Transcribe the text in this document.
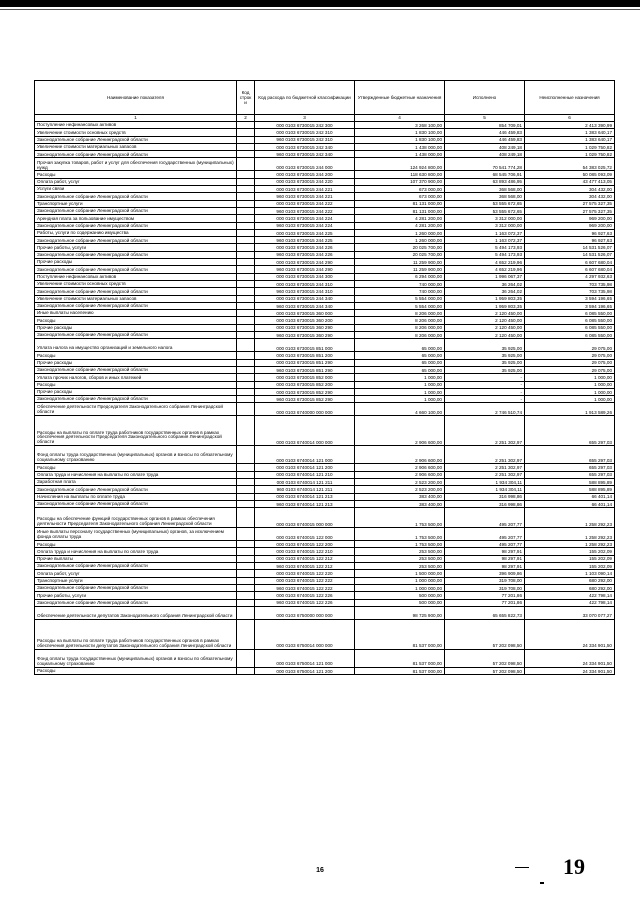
Наименование показателя	Код строк и	Код расхода по бюджетной классификации	Утвержденные бюджетные назначения	Исполнено	Неисполненные назначения
1	2	3	4	5	6
Поступление нефинансовых активов		000 0103 6730015 242 300	3 268 100,00	854 709,01	2 413 390,99
Увеличение стоимости основных средств		000 0103 6730015 242 310	1 830 100,00	446 459,83	1 383 640,17
Законодательное собрание Ленинградской области		960 0103 6730015 242 310	1 830 100,00	446 459,83	1 383 640,17
Увеличение стоимости материальных запасов		000 0103 6730015 242 340	1 438 000,00	408 249,18	1 029 750,82
Законодательное собрание Ленинградской области		960 0103 6730015 242 340	1 438 000,00	408 249,18	1 029 750,82
Прочая закупка товаров, работ и услуг для обеспечения государственных (муниципальных) нужд		000 0103 6730015 244 000	124 924 800,00	70 541 774,28	54 383 025,72
Расходы		000 0103 6730015 244 200	118 630 800,00	68 545 706,91	50 085 093,09
Оплата работ, услуг		000 0103 6730015 244 220	107 370 900,00	63 893 486,95	43 477 413,05
Услуги связи		000 0103 6730015 244 221	673 000,00	368 568,00	304 432,00
Законодательное собрание Ленинградской области		960 0103 6730015 244 221	673 000,00	368 568,00	304 432,00
Транспортные услуги		000 0103 6730015 244 222	81 131 000,00	53 555 672,65	27 575 327,35
Законодательное собрание Ленинградской области		960 0103 6730015 244 222	81 131 000,00	53 555 672,65	27 575 327,35
Арендная плата за пользование имуществом		000 0103 6730015 244 224	4 281 200,00	3 312 000,00	969 200,00
Законодательное собрание Ленинградской области		960 0103 6730015 244 224	4 281 200,00	3 312 000,00	969 200,00
Работы, услуги по содержанию имущества		000 0103 6730015 244 225	1 260 000,00	1 163 072,37	96 927,63
Законодательное собрание Ленинградской области		960 0103 6730015 244 225	1 260 000,00	1 163 072,37	96 927,63
Прочие работы, услуги		000 0103 6730015 244 226	20 025 700,00	5 494 173,93	14 531 526,07
Законодательное собрание Ленинградской области		960 0103 6730015 244 226	20 025 700,00	5 494 173,93	14 531 526,07
Прочие расходы		000 0103 6730015 244 290	11 259 900,00	4 652 219,96	6 607 680,04
Законодательное собрание Ленинградской области		960 0103 6730015 244 290	11 259 900,00	4 652 219,96	6 607 680,04
Поступление нефинансовых активов		000 0103 6730015 244 300	6 294 000,00	1 996 067,37	4 297 932,63
Увеличение стоимости основных средств		000 0103 6730015 244 310	740 000,00	36 264,02	703 735,98
Законодательное собрание Ленинградской области		960 0103 6730015 244 310	740 000,00	36 264,02	703 735,98
Увеличение стоимости материальных запасов		000 0103 6730015 244 340	5 554 000,00	1 959 803,35	3 594 196,65
Законодательное собрание Ленинградской области		960 0103 6730015 244 340	5 554 000,00	1 959 803,35	3 594 196,65
Иные выплаты населению		000 0103 6730015 360 000	8 206 000,00	2 120 450,00	6 085 550,00
Расходы		000 0103 6730015 360 200	8 206 000,00	2 120 450,00	6 085 550,00
Прочие расходы		000 0103 6730015 360 290	8 206 000,00	2 120 450,00	6 085 550,00
Законодательное собрание Ленинградской области		960 0103 6730015 360 290	8 206 000,00	2 120 450,00	6 085 550,00
Уплата налога на имущество организаций и земельного налога		000 0103 6730015 851 000	65 000,00	35 925,00	29 075,00
Расходы		000 0103 6730015 851 200	65 000,00	35 925,00	29 075,00
Прочие расходы		000 0103 6730015 851 290	65 000,00	35 925,00	29 075,00
Законодательное собрание Ленинградской области		960 0103 6730015 851 290	65 000,00	35 925,00	29 075,00
Уплата прочих налогов, сборов и иных платежей		000 0103 6730015 852 000	1 000,00	-	1 000,00
Расходы		000 0103 6730015 852 200	1 000,00	-	1 000,00
Прочие расходы		000 0103 6730015 852 290	1 000,00	-	1 000,00
Законодательное собрание Ленинградской области		960 0103 6730015 852 290	1 000,00	-	1 000,00
Обеспечение деятельности Председателя Законодательного собрания Ленинградской области		000 0103 6740000 000 000	4 660 100,00	2 746 510,74	1 913 589,26
Расходы на выплаты по оплате труда работников государственных органов в рамках обеспечения деятельности Председателя Законодательного собрания Ленинградской области		000 0103 6740014 000 000	2 906 600,00	2 251 302,97	655 297,03
Фонд оплаты труда государственных (муниципальных) органов и взносы по обязательному социальному страхованию		000 0103 6740014 121 000	2 906 600,00	2 251 302,97	655 297,03
Расходы		000 0103 6740014 121 200	2 906 600,00	2 251 302,97	655 297,03
Оплата труда и начисления на выплаты по оплате труда		000 0103 6740014 121 210	2 906 600,00	2 251 302,97	655 297,03
Заработная плата		000 0103 6740014 121 211	2 523 200,00	1 934 304,11	588 895,89
Законодательное собрание Ленинградской области		960 0103 6740014 121 211	2 523 200,00	1 934 304,11	588 895,89
Начисления на выплаты по оплате труда		000 0103 6740014 121 213	383 400,00	316 998,86	66 401,14
Законодательное собрание Ленинградской области		960 0103 6740014 121 213	383 400,00	316 998,86	66 401,14
Расходы на обеспечение функций государственных органов в рамках обеспечения деятельности Председателя Законодательного собрания Ленинградской области		000 0103 6740015 000 000	1 753 500,00	495 207,77	1 258 292,23
Иные выплаты персоналу государственных (муниципальных) органов, за исключением фонда оплаты труда		000 0103 6740015 122 000	1 753 500,00	495 207,77	1 258 292,23
Расходы		000 0103 6740015 122 200	1 753 500,00	495 207,77	1 258 292,23
Оплата труда и начисления на выплаты по оплате труда		000 0103 6740015 122 210	253 500,00	98 297,91	155 202,09
Прочие выплаты		000 0103 6740015 122 212	253 500,00	98 297,91	155 202,09
Законодательное собрание Ленинградской области		960 0103 6740015 122 212	253 500,00	98 297,91	155 202,09
Оплата работ, услуг		000 0103 6740015 122 220	1 500 000,00	396 909,86	1 103 090,14
Транспортные услуги		000 0103 6740015 122 222	1 000 000,00	319 708,00	680 292,00
Законодательное собрание Ленинградской области		960 0103 6740015 122 222	1 000 000,00	319 708,00	680 292,00
Прочие работы, услуги		000 0103 6740015 122 226	500 000,00	77 201,86	422 798,14
Законодательное собрание Ленинградской области		960 0103 6740015 122 226	500 000,00	77 201,86	422 798,14
Обеспечение деятельности депутатов Законодательного собрания Ленинградской области		000 0103 6750000 000 000	98 725 900,00	65 655 822,73	33 070 077,27
Расходы на выплаты по оплате труда работников государственных органов в рамках обеспечения деятельности депутатов Законодательного собрания Ленинградской области		000 0103 6750014 000 000	81 537 000,00	57 202 098,50	24 334 901,50
Фонд оплаты труда государственных (муниципальных) органов и взносы по обязательному социальному страхованию		000 0103 6750014 121 000	81 537 000,00	57 202 098,50	24 334 901,50
Расходы		000 0103 6750014 121 200	81 537 000,00	57 202 098,50	24 334 901,50
16	19
